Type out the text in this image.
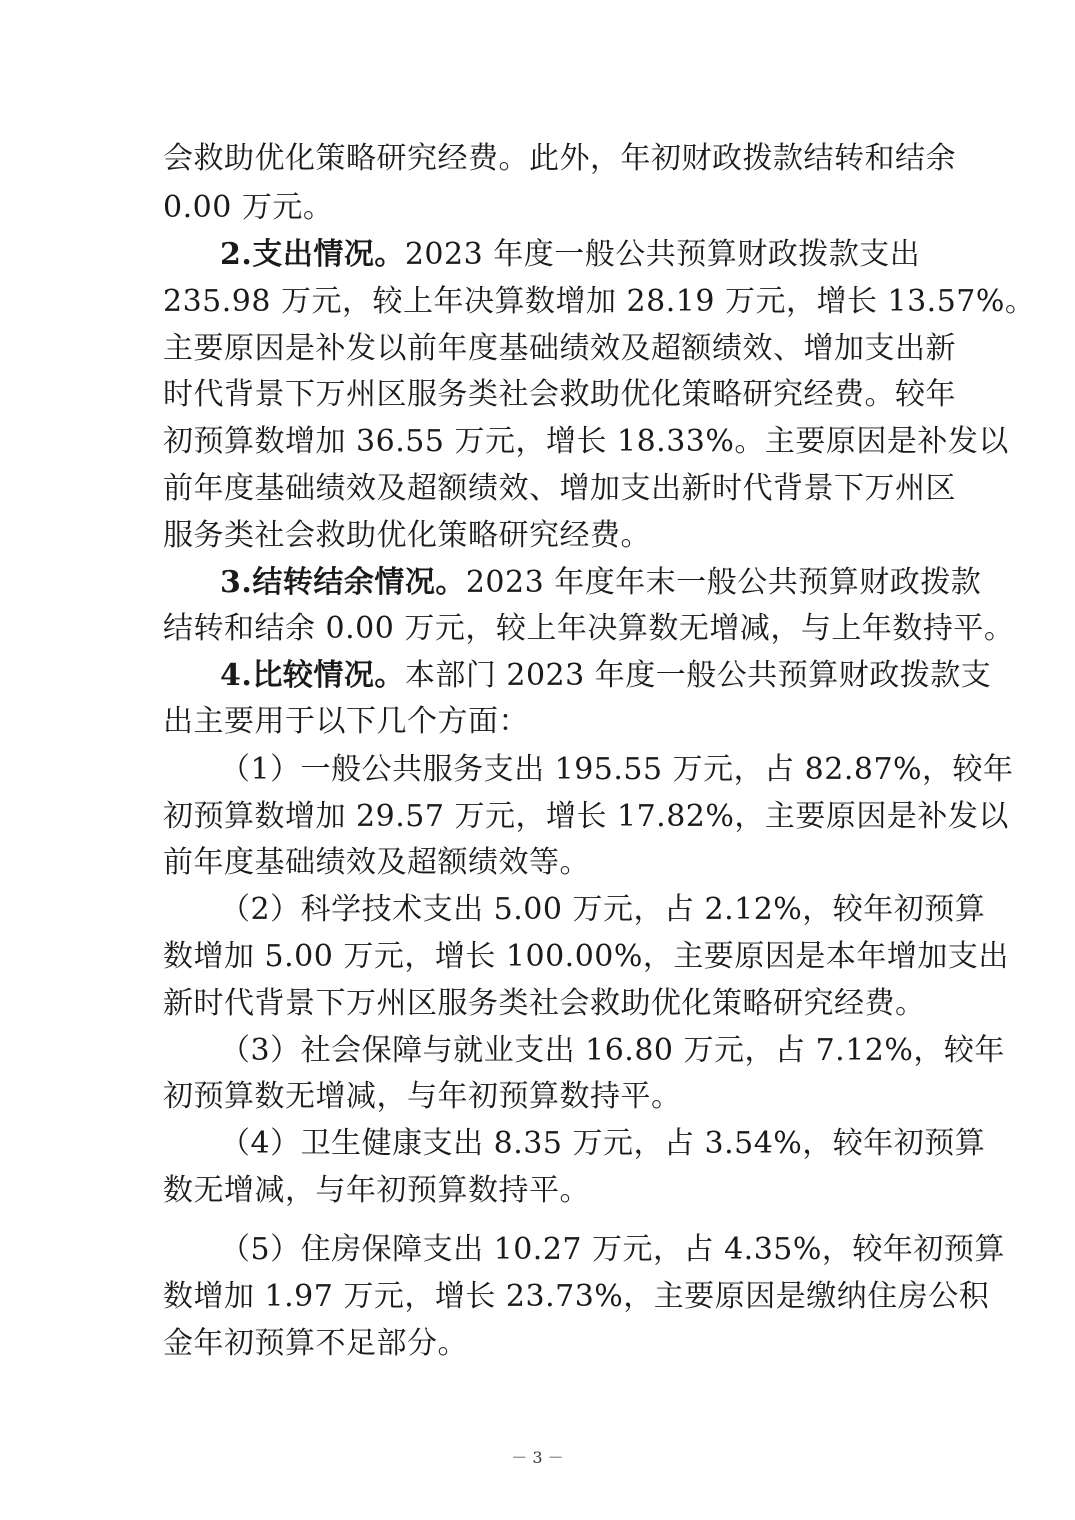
会救助优化策略研究经费。此外，年初财政拨款结转和结余
0.00 万元。
2.支出情况。2023 年度一般公共预算财政拨款支出
235.98 万元，较上年决算数增加 28.19 万元，增长 13.57%。
主要原因是补发以前年度基础绩效及超额绩效、增加支出新
时代背景下万州区服务类社会救助优化策略研究经费。较年
初预算数增加 36.55 万元，增长 18.33%。主要原因是补发以
前年度基础绩效及超额绩效、增加支出新时代背景下万州区
服务类社会救助优化策略研究经费。
3.结转结余情况。2023 年度年末一般公共预算财政拨款
结转和结余 0.00 万元，较上年决算数无增减，与上年数持平。
4.比较情况。本部门 2023 年度一般公共预算财政拨款支
出主要用于以下几个方面：
（1）一般公共服务支出 195.55 万元，占 82.87%，较年
初预算数增加 29.57 万元，增长 17.82%，主要原因是补发以
前年度基础绩效及超额绩效等。
（2）科学技术支出 5.00 万元，占 2.12%，较年初预算
数增加 5.00 万元，增长 100.00%，主要原因是本年增加支出
新时代背景下万州区服务类社会救助优化策略研究经费。
（3）社会保障与就业支出 16.80 万元，占 7.12%，较年
初预算数无增减，与年初预算数持平。
（4）卫生健康支出 8.35 万元，占 3.54%，较年初预算
数无增减，与年初预算数持平。
（5）住房保障支出 10.27 万元，占 4.35%，较年初预算
数增加 1.97 万元，增长 23.73%，主要原因是缴纳住房公积
金年初预算不足部分。
－ 3 －
